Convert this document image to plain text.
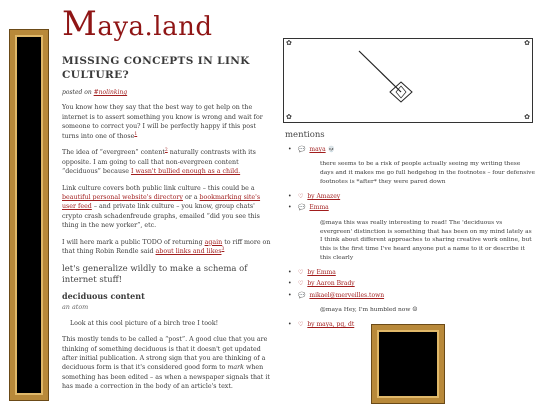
Maya.land
MISSING CONCEPTS IN LINK CULTURE?
posted on #nolinking

You know how they say that the best way to get help on the internet is to assert something you know is wrong and wait for someone to correct you? I will be perfectly happy if this post turns into one of those$^1$

The idea of “evergreen” content$^2$ naturally contrasts with its opposite. I am going to call that non-evergreen content “deciduous” because I wasn't bullied enough as a child.

Link culture covers both public link culture – this could be a beautiful personal website's directory or a bookmarking site's user feed – and private link culture – you know, group chats' crypto crash schadenfreude graphs, emailed “did you see this thing in the new yorker”, etc.

I will here mark a public TODO of returning again to riff more on that thing Robin Rendle said about links and likes$^3$

let's generalize wildly to make a schema of internet stuff!
deciduous content
an atom

Look at this cool picture of a birch tree I took!

This mostly tends to be called a “post”. A good clue that you are thinking of something deciduous is that it doesn't get updated after initial publication. A strong sign that you are thinking of a deciduous form is that it's considered good form to mark when something has been edited – as when a newspaper signals that it has made a correction in the body of an article's text.

✿	✿
✿	✿
mentions
• 💬 maya 💀
there seems to be a risk of people actually seeing my writing these days and it makes me go full hedgehog in the footnotes – four defensive footnotes is *after* they were pared down
• ♡ by Amazey
• 💬 Emma
@maya this was really interesting to read! The 'deciduous vs evergreen' distinction is something that has been on my mind lately as I think about different approaches to sharing creative work online, but this is the first time I've heard anyone put a name to it or describe it this clearly
• ♡ by Emma
• ♡ by Aaron Brady
• 💬 mikael@merveilles.town
@maya Hey, I'm humbled now ☺
• ♡ by maya, pg, dt
